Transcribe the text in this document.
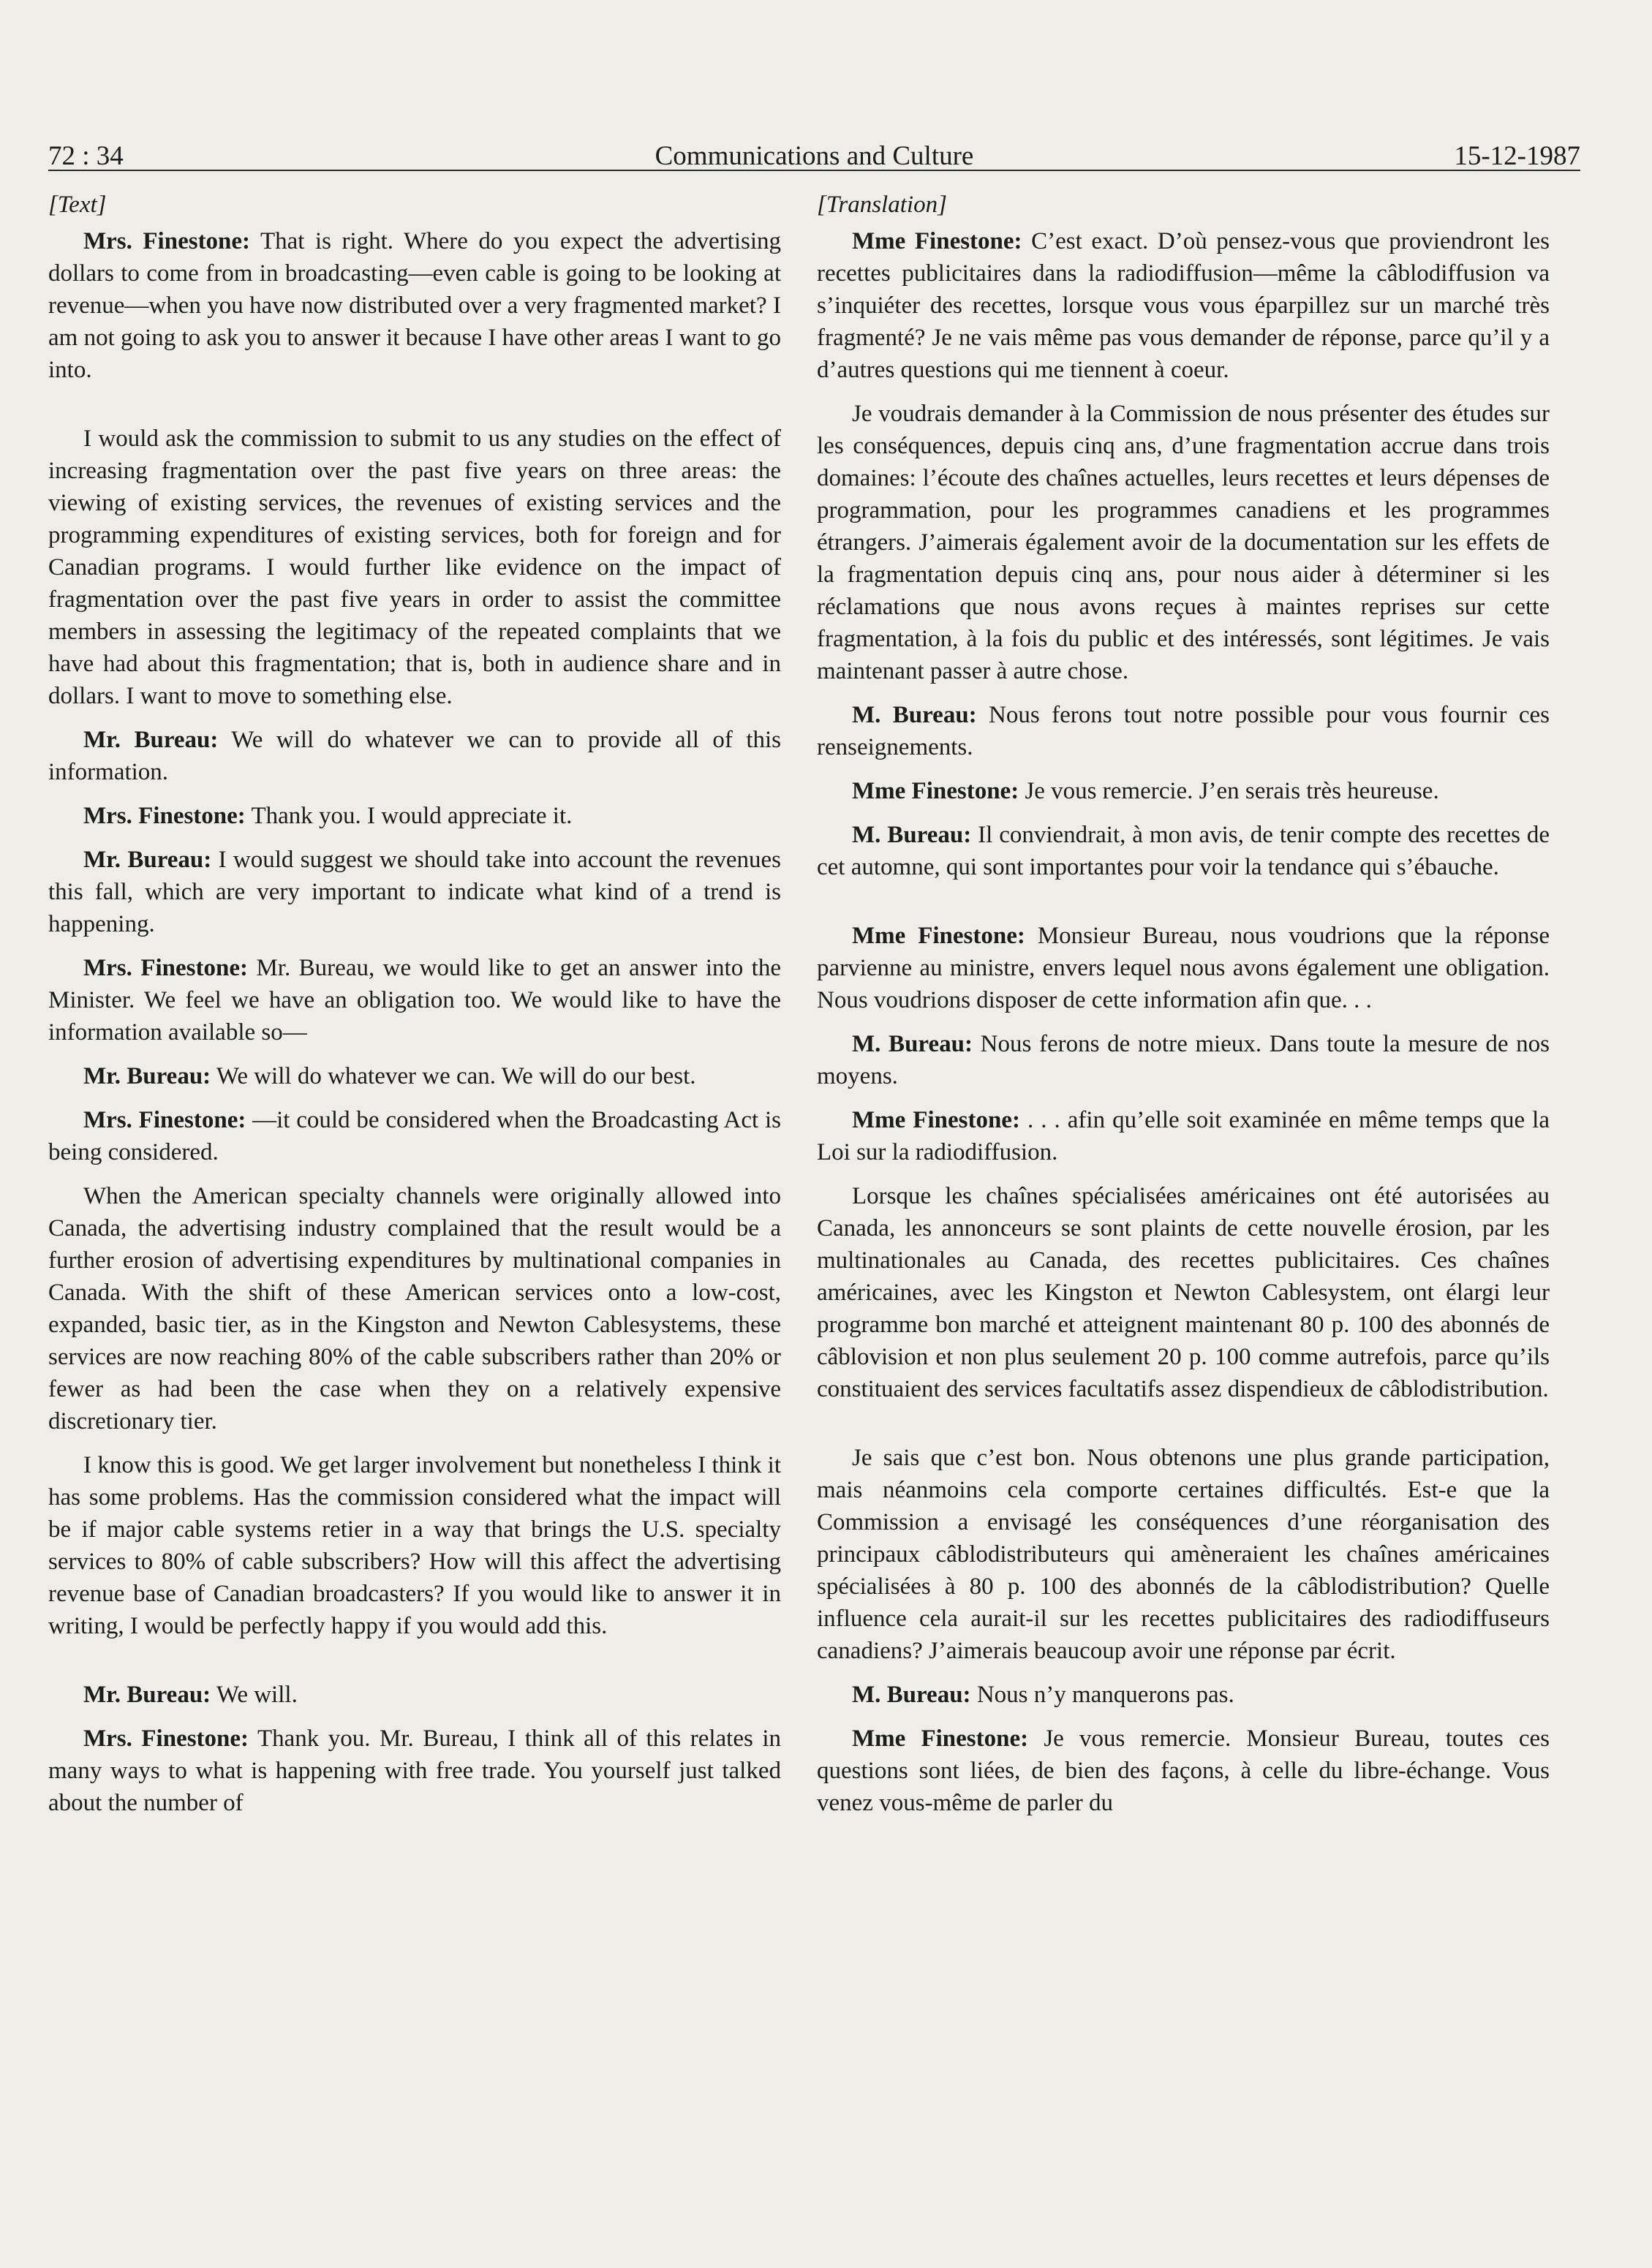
72 : 34	Communications and Culture	15-12-1987

[Text]

Mrs. Finestone: That is right. Where do you expect the advertising dollars to come from in broadcasting—even cable is going to be looking at revenue—when you have now distributed over a very fragmented market? I am not going to ask you to answer it because I have other areas I want to go into.

I would ask the commission to submit to us any studies on the effect of increasing fragmentation over the past five years on three areas: the viewing of existing services, the revenues of existing services and the programming expenditures of existing services, both for foreign and for Canadian programs. I would further like evidence on the impact of fragmentation over the past five years in order to assist the committee members in assessing the legitimacy of the repeated complaints that we have had about this fragmentation; that is, both in audience share and in dollars. I want to move to something else.

Mr. Bureau: We will do whatever we can to provide all of this information.

Mrs. Finestone: Thank you. I would appreciate it.

Mr. Bureau: I would suggest we should take into account the revenues this fall, which are very important to indicate what kind of a trend is happening.

Mrs. Finestone: Mr. Bureau, we would like to get an answer into the Minister. We feel we have an obligation too. We would like to have the information available so—

Mr. Bureau: We will do whatever we can. We will do our best.

Mrs. Finestone: —it could be considered when the Broadcasting Act is being considered.

When the American specialty channels were originally allowed into Canada, the advertising industry complained that the result would be a further erosion of advertising expenditures by multinational companies in Canada. With the shift of these American services onto a low-cost, expanded, basic tier, as in the Kingston and Newton Cablesystems, these services are now reaching 80% of the cable subscribers rather than 20% or fewer as had been the case when they on a relatively expensive discretionary tier.

I know this is good. We get larger involvement but nonetheless I think it has some problems. Has the commission considered what the impact will be if major cable systems retier in a way that brings the U.S. specialty services to 80% of cable subscribers? How will this affect the advertising revenue base of Canadian broadcasters? If you would like to answer it in writing, I would be perfectly happy if you would add this.

Mr. Bureau: We will.

Mrs. Finestone: Thank you. Mr. Bureau, I think all of this relates in many ways to what is happening with free trade. You yourself just talked about the number of

[Translation]

Mme Finestone: C’est exact. D’où pensez-vous que proviendront les recettes publicitaires dans la radiodiffusion—même la câblodiffusion va s’inquiéter des recettes, lorsque vous vous éparpillez sur un marché très fragmenté? Je ne vais même pas vous demander de réponse, parce qu’il y a d’autres questions qui me tiennent à coeur.

Je voudrais demander à la Commission de nous présenter des études sur les conséquences, depuis cinq ans, d’une fragmentation accrue dans trois domaines: l’écoute des chaînes actuelles, leurs recettes et leurs dépenses de programmation, pour les programmes canadiens et les programmes étrangers. J’aimerais également avoir de la documentation sur les effets de la fragmentation depuis cinq ans, pour nous aider à déterminer si les réclamations que nous avons reçues à maintes reprises sur cette fragmentation, à la fois du public et des intéressés, sont légitimes. Je vais maintenant passer à autre chose.

M. Bureau: Nous ferons tout notre possible pour vous fournir ces renseignements.

Mme Finestone: Je vous remercie. J’en serais très heureuse.

M. Bureau: Il conviendrait, à mon avis, de tenir compte des recettes de cet automne, qui sont importantes pour voir la tendance qui s’ébauche.

Mme Finestone: Monsieur Bureau, nous voudrions que la réponse parvienne au ministre, envers lequel nous avons également une obligation. Nous voudrions disposer de cette information afin que. . .

M. Bureau: Nous ferons de notre mieux. Dans toute la mesure de nos moyens.

Mme Finestone: . . . afin qu’elle soit examinée en même temps que la Loi sur la radiodiffusion.

Lorsque les chaînes spécialisées américaines ont été autorisées au Canada, les annonceurs se sont plaints de cette nouvelle érosion, par les multinationales au Canada, des recettes publicitaires. Ces chaînes américaines, avec les Kingston et Newton Cablesystem, ont élargi leur programme bon marché et atteignent maintenant 80 p. 100 des abonnés de câblovision et non plus seulement 20 p. 100 comme autrefois, parce qu’ils constituaient des services facultatifs assez dispendieux de câblodistribution.

Je sais que c’est bon. Nous obtenons une plus grande participation, mais néanmoins cela comporte certaines difficultés. Est-e que la Commission a envisagé les conséquences d’une réorganisation des principaux câblodistributeurs qui amèneraient les chaînes américaines spécialisées à 80 p. 100 des abonnés de la câblodistribution? Quelle influence cela aurait-il sur les recettes publicitaires des radiodiffuseurs canadiens? J’aimerais beaucoup avoir une réponse par écrit.

M. Bureau: Nous n’y manquerons pas.

Mme Finestone: Je vous remercie. Monsieur Bureau, toutes ces questions sont liées, de bien des façons, à celle du libre-échange. Vous venez vous-même de parler du
